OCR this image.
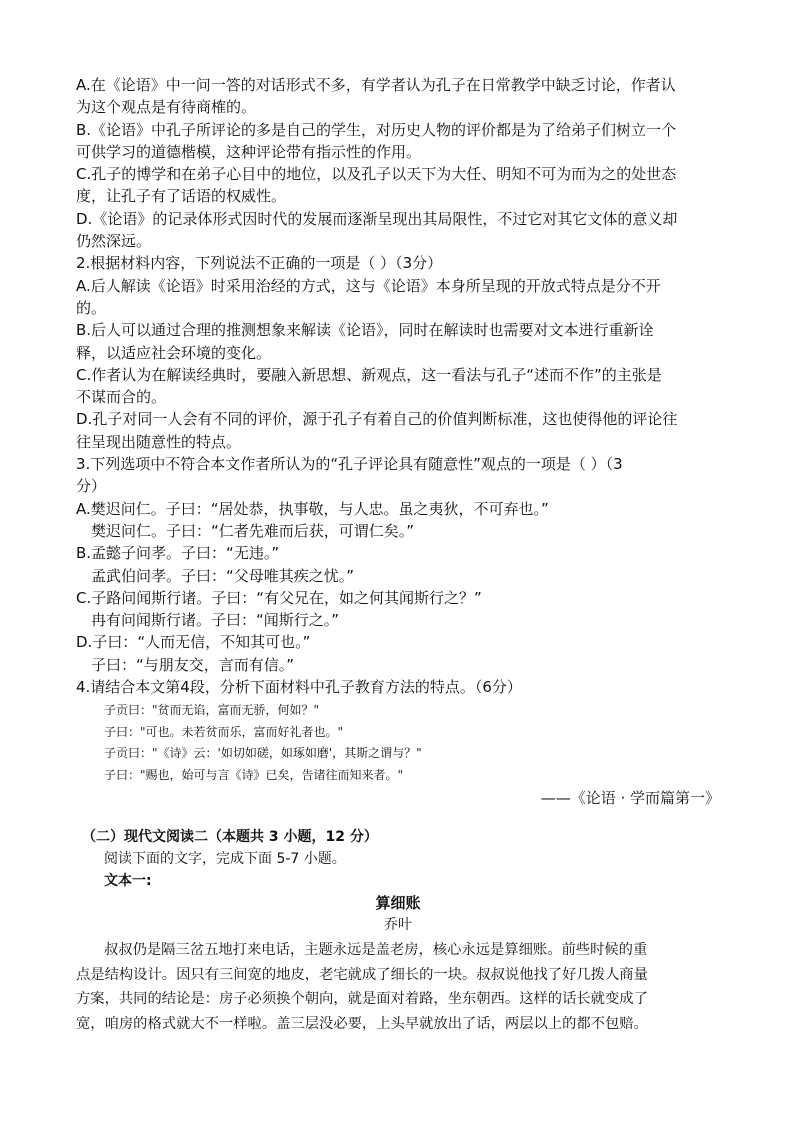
A.在《论语》中一问一答的对话形式不多，有学者认为孔子在日常教学中缺乏讨论，作者认

为这个观点是有待商榷的。

B.《论语》中孔子所评论的多是自己的学生，对历史人物的评价都是为了给弟子们树立一个

可供学习的道德楷模，这种评论带有指示性的作用。

C.孔子的博学和在弟子心目中的地位，以及孔子以天下为大任、明知不可为而为之的处世态

度，让孔子有了话语的权威性。

D.《论语》的记录体形式因时代的发展而逐渐呈现出其局限性，不过它对其它文体的意义却

仍然深远。

2.根据材料内容，下列说法不正确的一项是（ ）（3分）

A.后人解读《论语》时采用治经的方式，这与《论语》本身所呈现的开放式特点是分不开

的。

B.后人可以通过合理的推测想象来解读《论语》，同时在解读时也需要对文本进行重新诠

释，以适应社会环境的变化。

C.作者认为在解读经典时，要融入新思想、新观点，这一看法与孔子“述而不作”的主张是

不谋而合的。

D.孔子对同一人会有不同的评价，源于孔子有着自己的价值判断标准，这也使得他的评论往

往呈现出随意性的特点。

3.下列选项中不符合本文作者所认为的“孔子评论具有随意性”观点的一项是（ ）（3

分）

A.樊迟问仁。子曰：“居处恭，执事敬，与人忠。虽之夷狄，不可弃也。”

樊迟问仁。子曰：“仁者先难而后获，可谓仁矣。”

B.孟懿子问孝。子曰：“无违。”

孟武伯问孝。子曰：“父母唯其疾之忧。”

C.子路问闻斯行诸。子曰：“有父兄在，如之何其闻斯行之？”

冉有问闻斯行诸。子曰：“闻斯行之。”

D.子曰：“人而无信，不知其可也。”

子曰：“与朋友交，言而有信。”

4.请结合本文第4段，分析下面材料中孔子教育方法的特点。（6分）

子贡曰："贫而无谄，富而无骄，何如？"

子曰："可也。未若贫而乐，富而好礼者也。"

子贡曰："《诗》云：'如切如磋，如琢如磨'，其斯之谓与？"

子曰："赐也，始可与言《诗》已矣，告诸往而知来者。"

——《论语 · 学而篇第一》

（二）现代文阅读二（本题共 3 小题，12 分）

阅读下面的文字，完成下面 5-7 小题。

文本一:

算细账

乔叶

叔叔仍是隔三岔五地打来电话，主题永远是盖老房，核心永远是算细账。前些时候的重

点是结构设计。因只有三间宽的地皮，老宅就成了细长的一块。叔叔说他找了好几拨人商量

方案，共同的结论是：房子必须换个朝向，就是面对着路，坐东朝西。这样的话长就变成了

宽，咱房的格式就大不一样啦。盖三层没必要，上头早就放出了话，两层以上的都不包赔。
